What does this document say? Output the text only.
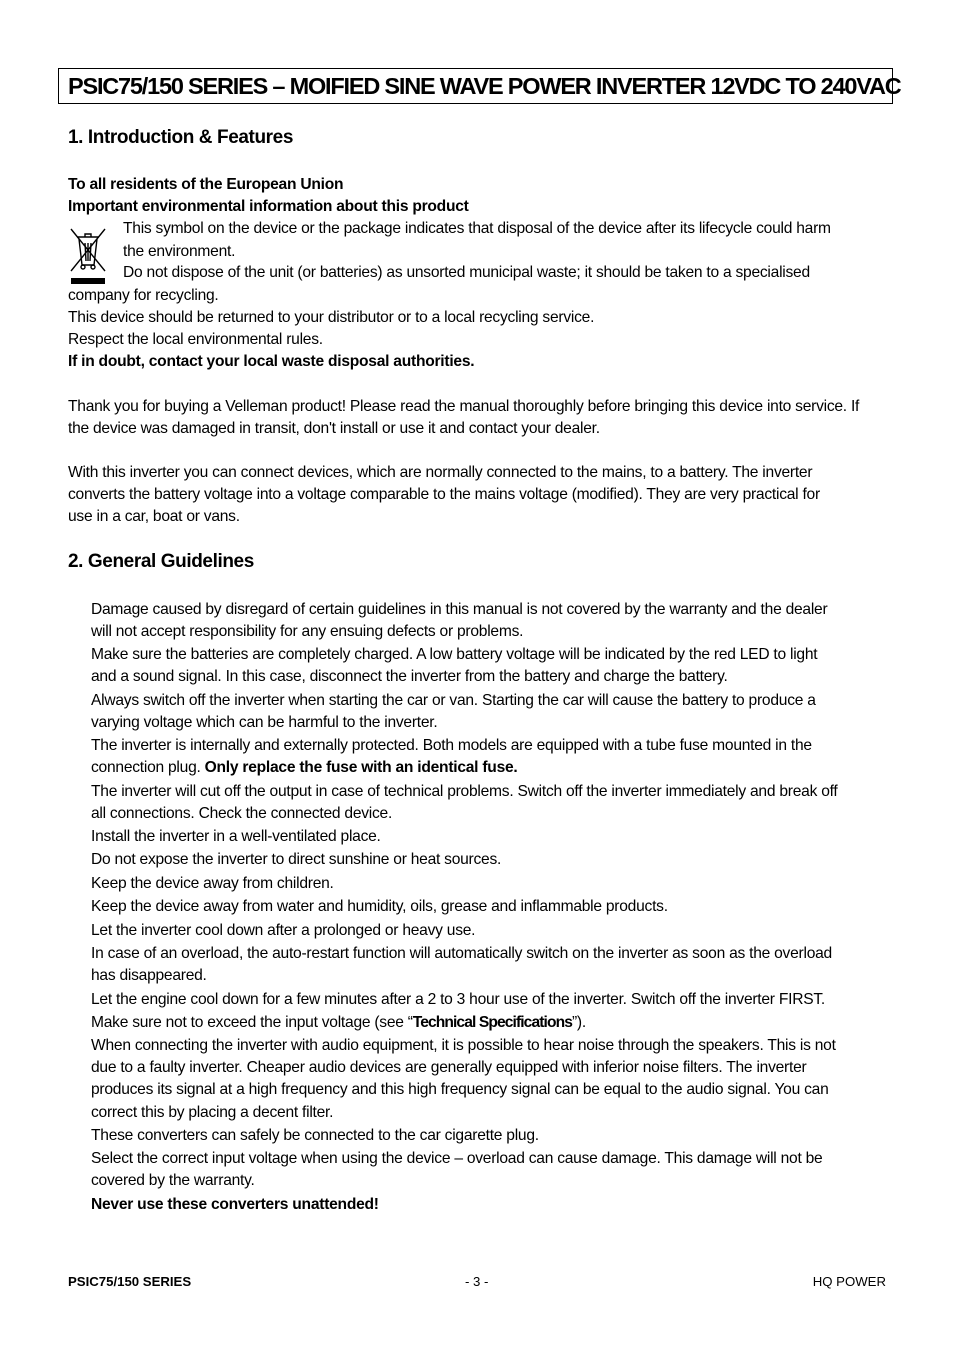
PSIC75/150 SERIES – MOIFIED SINE WAVE POWER INVERTER 12VDC TO 240VAC
1. Introduction & Features
To all residents of the European Union
Important environmental information about this product
This symbol on the device or the package indicates that disposal of the device after its lifecycle could harm
the environment.
Do not dispose of the unit (or batteries) as unsorted municipal waste; it should be taken to a specialised
company for recycling.
This device should be returned to your distributor or to a local recycling service.
Respect the local environmental rules.
If in doubt, contact your local waste disposal authorities.
Thank you for buying a Velleman product! Please read the manual thoroughly before bringing this device into service. If
the device was damaged in transit, don't install or use it and contact your dealer.
With this inverter you can connect devices, which are normally connected to the mains, to a battery. The inverter
converts the battery voltage into a voltage comparable to the mains voltage (modified). They are very practical for
use in a car, boat or vans.
2. General Guidelines
Damage caused by disregard of certain guidelines in this manual is not covered by the warranty and the dealer
will not accept responsibility for any ensuing defects or problems.
Make sure the batteries are completely charged. A low battery voltage will be indicated by the red LED to light
and a sound signal. In this case, disconnect the inverter from the battery and charge the battery.
Always switch off the inverter when starting the car or van. Starting the car will cause the battery to produce a
varying voltage which can be harmful to the inverter.
The inverter is internally and externally protected. Both models are equipped with a tube fuse mounted in the
connection plug. Only replace the fuse with an identical fuse.
The inverter will cut off the output in case of technical problems. Switch off the inverter immediately and break off
all connections. Check the connected device.
Install the inverter in a well-ventilated place.
Do not expose the inverter to direct sunshine or heat sources.
Keep the device away from children.
Keep the device away from water and humidity, oils, grease and inflammable products.
Let the inverter cool down after a prolonged or heavy use.
In case of an overload, the auto-restart function will automatically switch on the inverter as soon as the overload
has disappeared.
Let the engine cool down for a few minutes after a 2 to 3 hour use of the inverter. Switch off the inverter FIRST.
Make sure not to exceed the input voltage (see “Technical Specifications”).
When connecting the inverter with audio equipment, it is possible to hear noise through the speakers. This is not
due to a faulty inverter. Cheaper audio devices are generally equipped with inferior noise filters. The inverter
produces its signal at a high frequency and this high frequency signal can be equal to the audio signal. You can
correct this by placing a decent filter.
These converters can safely be connected to the car cigarette plug.
Select the correct input voltage when using the device – overload can cause damage. This damage will not be
covered by the warranty.
Never use these converters unattended!
PSIC75/150 SERIES	- 3 -	HQ POWER
